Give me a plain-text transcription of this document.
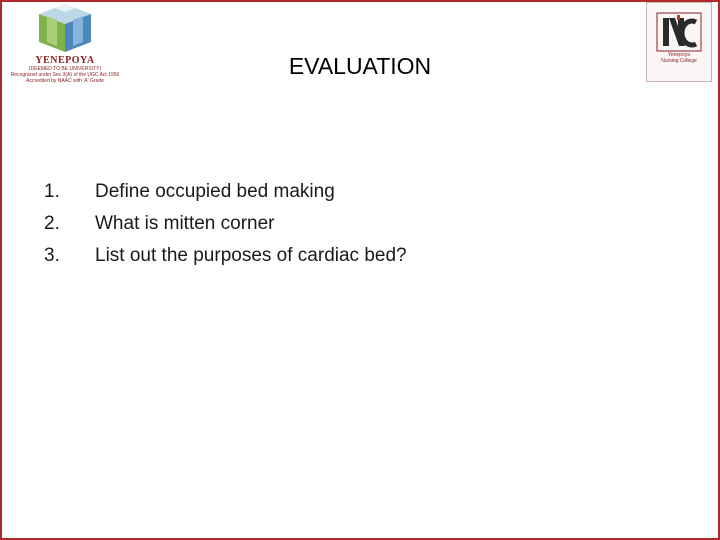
YENEPOYA
(DEEMED TO BE UNIVERSITY)
Recognized under Sec 3(A) of the UGC Act 1956
Accredited by NAAC with 'A' Grade

Yenepoya
Nursing College
EVALUATION
1.	Define occupied bed making
2.	What is mitten corner
3.	List out the purposes of cardiac bed?
